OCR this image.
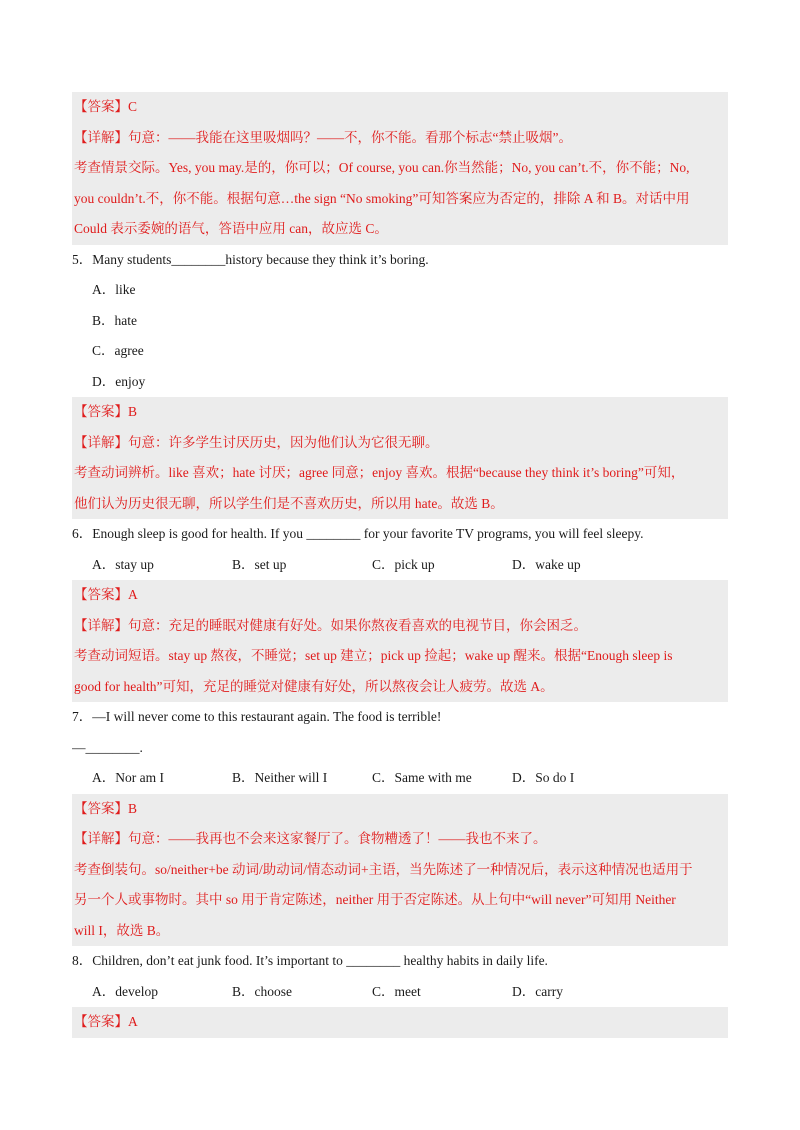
【答案】C
【详解】句意：——我能在这里吸烟吗？——不，你不能。看那个标志“禁止吸烟”。
考查情景交际。Yes, you may.是的，你可以；Of course, you can.你当然能；No, you can’t.不，你不能；No,
you couldn’t.不，你不能。根据句意…the sign “No smoking”可知答案应为否定的，排除 A 和 B。对话中用
Could 表示委婉的语气，答语中应用 can，故应选 C。
5．Many students________history because they think it’s boring.
A．like
B．hate
C．agree
D．enjoy
【答案】B
【详解】句意：许多学生讨厌历史，因为他们认为它很无聊。
考查动词辨析。like 喜欢；hate 讨厌；agree 同意；enjoy 喜欢。根据“because they think it’s boring”可知，
他们认为历史很无聊，所以学生们是不喜欢历史，所以用 hate。故选 B。
6．Enough sleep is good for health. If you ________ for your favorite TV programs, you will feel sleepy.
A．stay up	B．set up	C．pick up	D．wake up
【答案】A
【详解】句意：充足的睡眠对健康有好处。如果你熬夜看喜欢的电视节目，你会困乏。
考查动词短语。stay up 熬夜，不睡觉；set up 建立；pick up 捡起；wake up 醒来。根据“Enough sleep is
good for health”可知，充足的睡觉对健康有好处，所以熬夜会让人疲劳。故选 A。
7．—I will never come to this restaurant again. The food is terrible!
—________.
A．Nor am I	B．Neither will I	C．Same with me	D．So do I
【答案】B
【详解】句意：——我再也不会来这家餐厅了。食物糟透了！——我也不来了。
考查倒装句。so/neither+be 动词/助动词/情态动词+主语，当先陈述了一种情况后，表示这种情况也适用于
另一个人或事物时。其中 so 用于肯定陈述，neither 用于否定陈述。从上句中“will never”可知用 Neither
will I，故选 B。
8．Children, don’t eat junk food. It’s important to ________ healthy habits in daily life.
A．develop	B．choose	C．meet	D．carry
【答案】A
